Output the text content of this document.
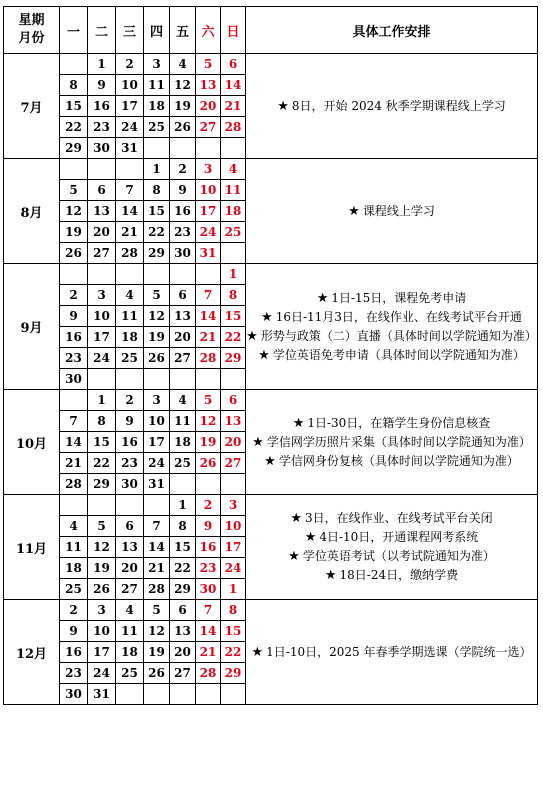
星期
月份	一	二	三	四	五	六	日	具体工作安排
7月		1	2	3	4	5	6	★ 8日，开始 2024 秋季学期课程线上学习

	8	9	10	11	12	13	14	
	15	16	17	18	19	20	21	
	22	23	24	25	26	27	28	
	29	30	31					
8月				1	2	3	4	★ 课程线上学习

	5	6	7	8	9	10	11	
	12	13	14	15	16	17	18	
	19	20	21	22	23	24	25	
	26	27	28	29	30	31		
9月							1	★ 1日-15日，课程免考申请
★ 16日-11月3日，在线作业、在线考试平台开通
★ 形势与政策（二）直播（具体时间以学院通知为准）
★ 学位英语免考申请（具体时间以学院通知为准）

	2	3	4	5	6	7	8	
	9	10	11	12	13	14	15	
	16	17	18	19	20	21	22	
	23	24	25	26	27	28	29	
	30							
10月		1	2	3	4	5	6	★ 1日-30日，在籍学生身份信息核查
★ 学信网学历照片采集（具体时间以学院通知为准）
★ 学信网身份复核（具体时间以学院通知为准）

	7	8	9	10	11	12	13	
	14	15	16	17	18	19	20	
	21	22	23	24	25	26	27	
	28	29	30	31				
11月					1	2	3	★ 3日，在线作业、在线考试平台关闭
★ 4日-10日，开通课程网考系统
★ 学位英语考试（以考试院通知为准）
★ 18日-24日，缴纳学费

	4	5	6	7	8	9	10	
	11	12	13	14	15	16	17	
	18	19	20	21	22	23	24	
	25	26	27	28	29	30	1	
12月	2	3	4	5	6	7	8	★ 1日-10日，2025 年春季学期选课（学院统一选）

	9	10	11	12	13	14	15	
	16	17	18	19	20	21	22	
	23	24	25	26	27	28	29	
	30	31						
